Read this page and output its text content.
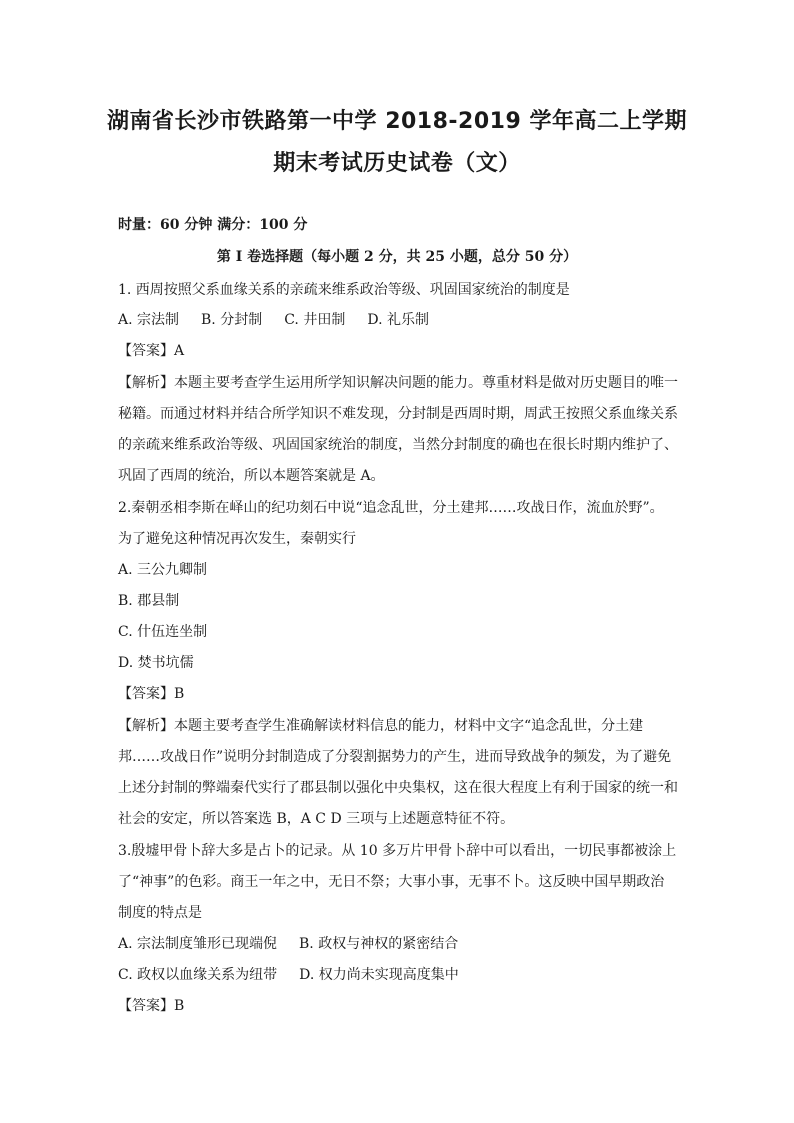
湖南省长沙市铁路第一中学 2018-2019 学年高二上学期
期末考试历史试卷（文）
时量：60 分钟 满分：100 分
第 I 卷选择题（每小题 2 分，共 25 小题，总分 50 分）
1. 西周按照父系血缘关系的亲疏来维系政治等级、巩固国家统治的制度是
A. 宗法制 B. 分封制 C. 井田制 D. 礼乐制
【答案】A
【解析】本题主要考查学生运用所学知识解决问题的能力。尊重材料是做对历史题目的唯一
秘籍。而通过材料并结合所学知识不难发现，分封制是西周时期，周武王按照父系血缘关系
的亲疏来维系政治等级、巩固国家统治的制度，当然分封制度的确也在很长时期内维护了、
巩固了西周的统治，所以本题答案就是 A。
2.秦朝丞相李斯在峄山的纪功刻石中说“追念乱世，分土建邦……攻战日作，流血於野”。
为了避免这种情况再次发生，秦朝实行
A. 三公九卿制
B. 郡县制
C. 什伍连坐制
D. 焚书坑儒
【答案】B
【解析】本题主要考查学生准确解读材料信息的能力，材料中文字“追念乱世，分土建
邦……攻战日作”说明分封制造成了分裂割据势力的产生，进而导致战争的频发，为了避免
上述分封制的弊端秦代实行了郡县制以强化中央集权，这在很大程度上有利于国家的统一和
社会的安定，所以答案选 B，A C D 三项与上述题意特征不符。
3.殷墟甲骨卜辞大多是占卜的记录。从 10 多万片甲骨卜辞中可以看出，一切民事都被涂上
了“神事”的色彩。商王一年之中，无日不祭；大事小事，无事不卜。这反映中国早期政治
制度的特点是
A. 宗法制度雏形已现端倪 B. 政权与神权的紧密结合
C. 政权以血缘关系为纽带 D. 权力尚未实现高度集中
【答案】B
